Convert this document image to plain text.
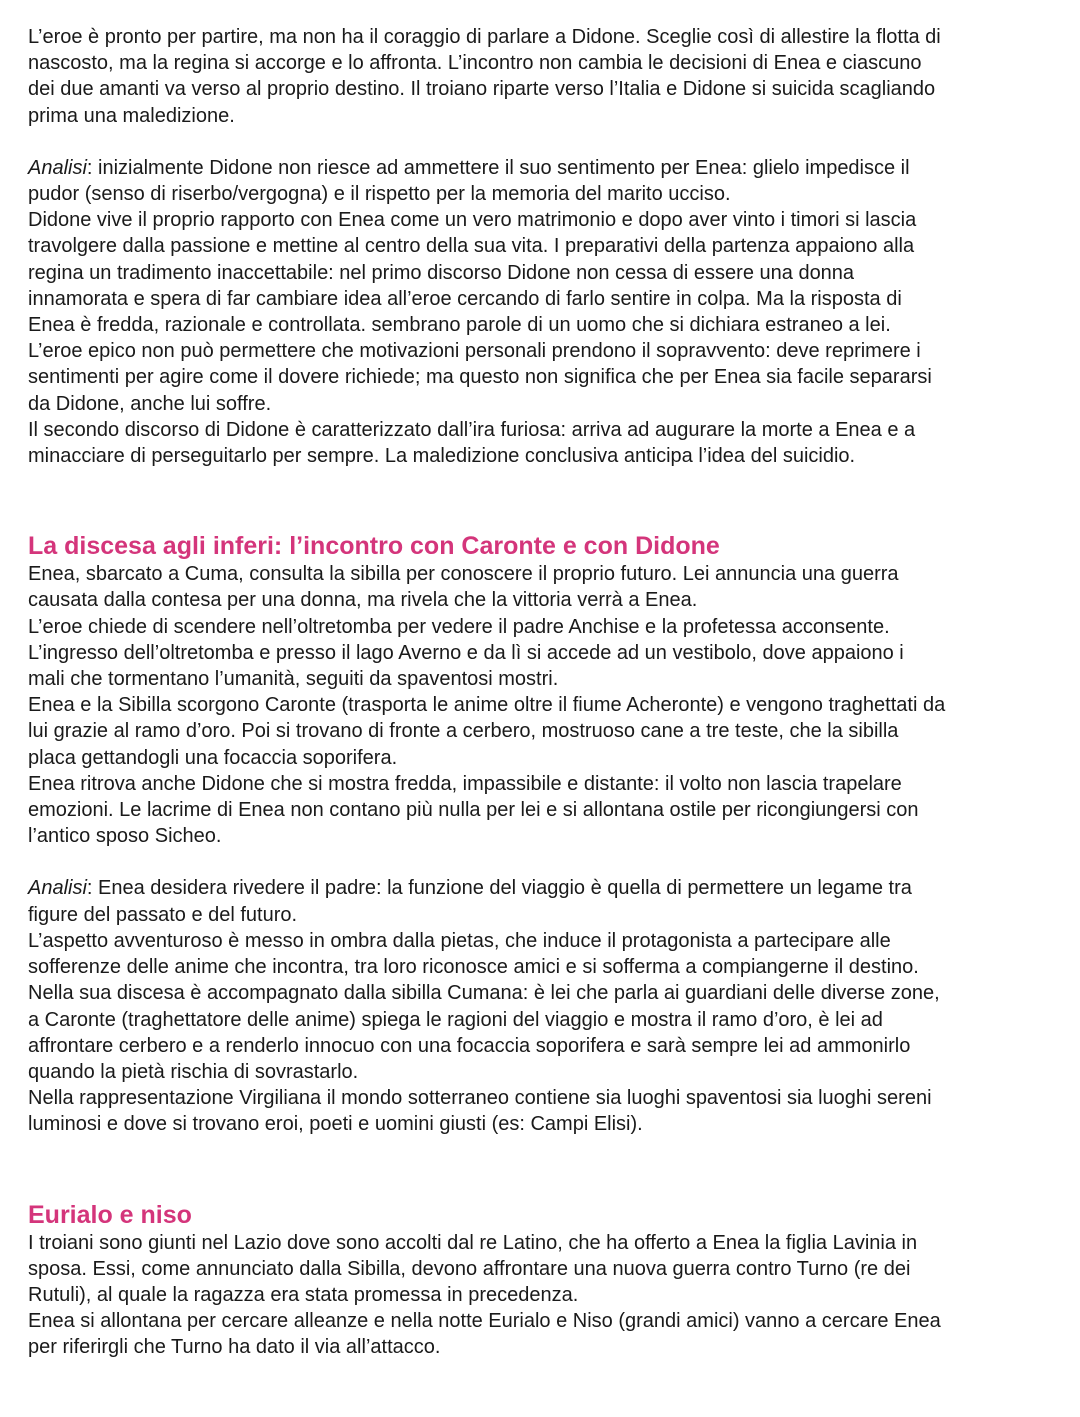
L’eroe è pronto per partire, ma non ha il coraggio di parlare a Didone. Sceglie così di allestire la flotta di

nascosto, ma la regina si accorge e lo affronta. L’incontro non cambia le decisioni di Enea e ciascuno

dei due amanti va verso al proprio destino. Il troiano riparte verso l’Italia e Didone si suicida scagliando

prima una maledizione.

Analisi: inizialmente Didone non riesce ad ammettere il suo sentimento per Enea: glielo impedisce il

pudor (senso di riserbo/vergogna) e il rispetto per la memoria del marito ucciso.

Didone vive il proprio rapporto con Enea come un vero matrimonio e dopo aver vinto i timori si lascia

travolgere dalla passione e mettine al centro della sua vita. I preparativi della partenza appaiono alla

regina un tradimento inaccettabile: nel primo discorso Didone non cessa di essere una donna

innamorata e spera di far cambiare idea all’eroe cercando di farlo sentire in colpa. Ma la risposta di

Enea è fredda, razionale e controllata. sembrano parole di un uomo che si dichiara estraneo a lei.

L’eroe epico non può permettere che motivazioni personali prendono il sopravvento: deve reprimere i

sentimenti per agire come il dovere richiede; ma questo non significa che per Enea sia facile separarsi

da Didone, anche lui soffre.

Il secondo discorso di Didone è caratterizzato dall’ira furiosa: arriva ad augurare la morte a Enea e a

minacciare di perseguitarlo per sempre. La maledizione conclusiva anticipa l’idea del suicidio.

La discesa agli inferi: l’incontro con Caronte e con Didone

Enea, sbarcato a Cuma, consulta la sibilla per conoscere il proprio futuro. Lei annuncia una guerra

causata dalla contesa per una donna, ma rivela che la vittoria verrà a Enea.

L’eroe chiede di scendere nell’oltretomba per vedere il padre Anchise e la profetessa acconsente.

L’ingresso dell’oltretomba e presso il lago Averno e da lì si accede ad un vestibolo, dove appaiono i

mali che tormentano l’umanità, seguiti da spaventosi mostri.

Enea e la Sibilla scorgono Caronte (trasporta le anime oltre il fiume Acheronte) e vengono traghettati da

lui grazie al ramo d’oro. Poi si trovano di fronte a cerbero, mostruoso cane a tre teste, che la sibilla

placa gettandogli una focaccia soporifera.

Enea ritrova anche Didone che si mostra fredda, impassibile e distante: il volto non lascia trapelare

emozioni. Le lacrime di Enea non contano più nulla per lei e si allontana ostile per ricongiungersi con

l’antico sposo Sicheo.

Analisi: Enea desidera rivedere il padre: la funzione del viaggio è quella di permettere un legame tra

figure del passato e del futuro.

L’aspetto avventuroso è messo in ombra dalla pietas, che induce il protagonista a partecipare alle

sofferenze delle anime che incontra, tra loro riconosce amici e si sofferma a compiangerne il destino.

Nella sua discesa è accompagnato dalla sibilla Cumana: è lei che parla ai guardiani delle diverse zone,

a Caronte (traghettatore delle anime) spiega le ragioni del viaggio e mostra il ramo d’oro, è lei ad

affrontare cerbero e a renderlo innocuo con una focaccia soporifera e sarà sempre lei ad ammonirlo

quando la pietà rischia di sovrastarlo.

Nella rappresentazione Virgiliana il mondo sotterraneo contiene sia luoghi spaventosi sia luoghi sereni

luminosi e dove si trovano eroi, poeti e uomini giusti (es: Campi Elisi).

Eurialo e niso

I troiani sono giunti nel Lazio dove sono accolti dal re Latino, che ha offerto a Enea la figlia Lavinia in

sposa. Essi, come annunciato dalla Sibilla, devono affrontare una nuova guerra contro Turno (re dei

Rutuli), al quale la ragazza era stata promessa in precedenza.

Enea si allontana per cercare alleanze e nella notte Eurialo e Niso (grandi amici) vanno a cercare Enea

per riferirgli che Turno ha dato il via all’attacco.
